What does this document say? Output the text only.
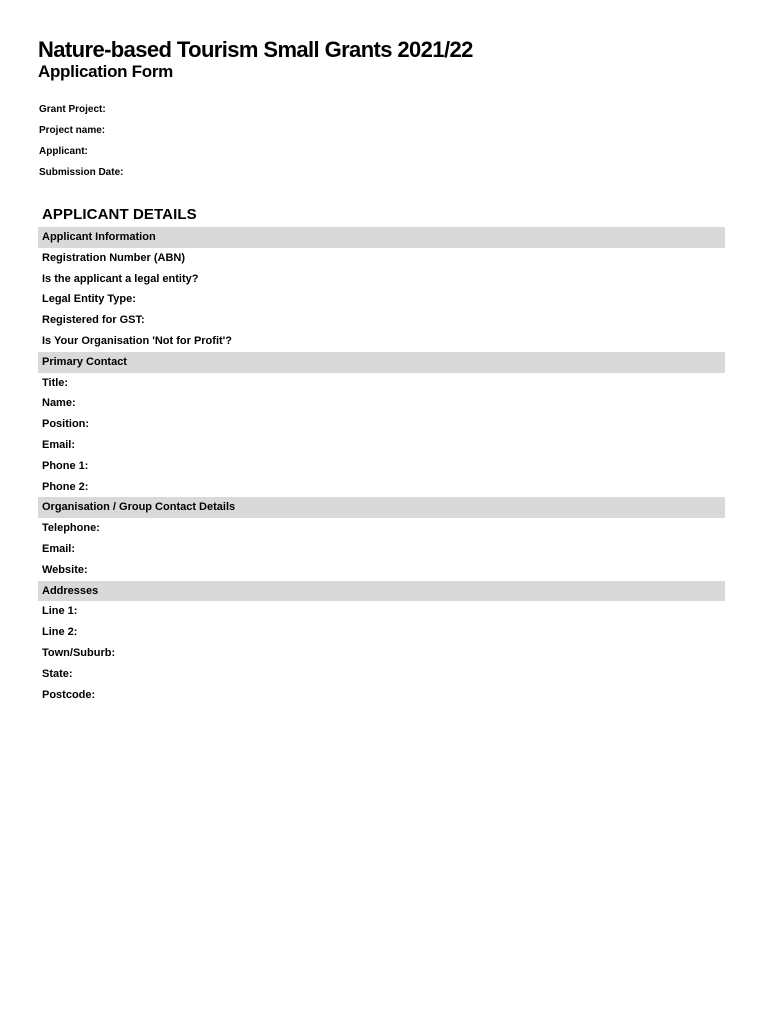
Nature-based Tourism Small Grants 2021/22
Application Form
Grant Project:
Project name:
Applicant:
Submission Date:
APPLICANT DETAILS
Applicant Information
Registration Number (ABN)
Is the applicant a legal entity?
Legal Entity Type:
Registered for GST:
Is Your Organisation 'Not for Profit'?
Primary Contact
Title:
Name:
Position:
Email:
Phone 1:
Phone 2:
Organisation / Group Contact Details
Telephone:
Email:
Website:
Addresses
Line 1:
Line 2:
Town/Suburb:
State:
Postcode:
